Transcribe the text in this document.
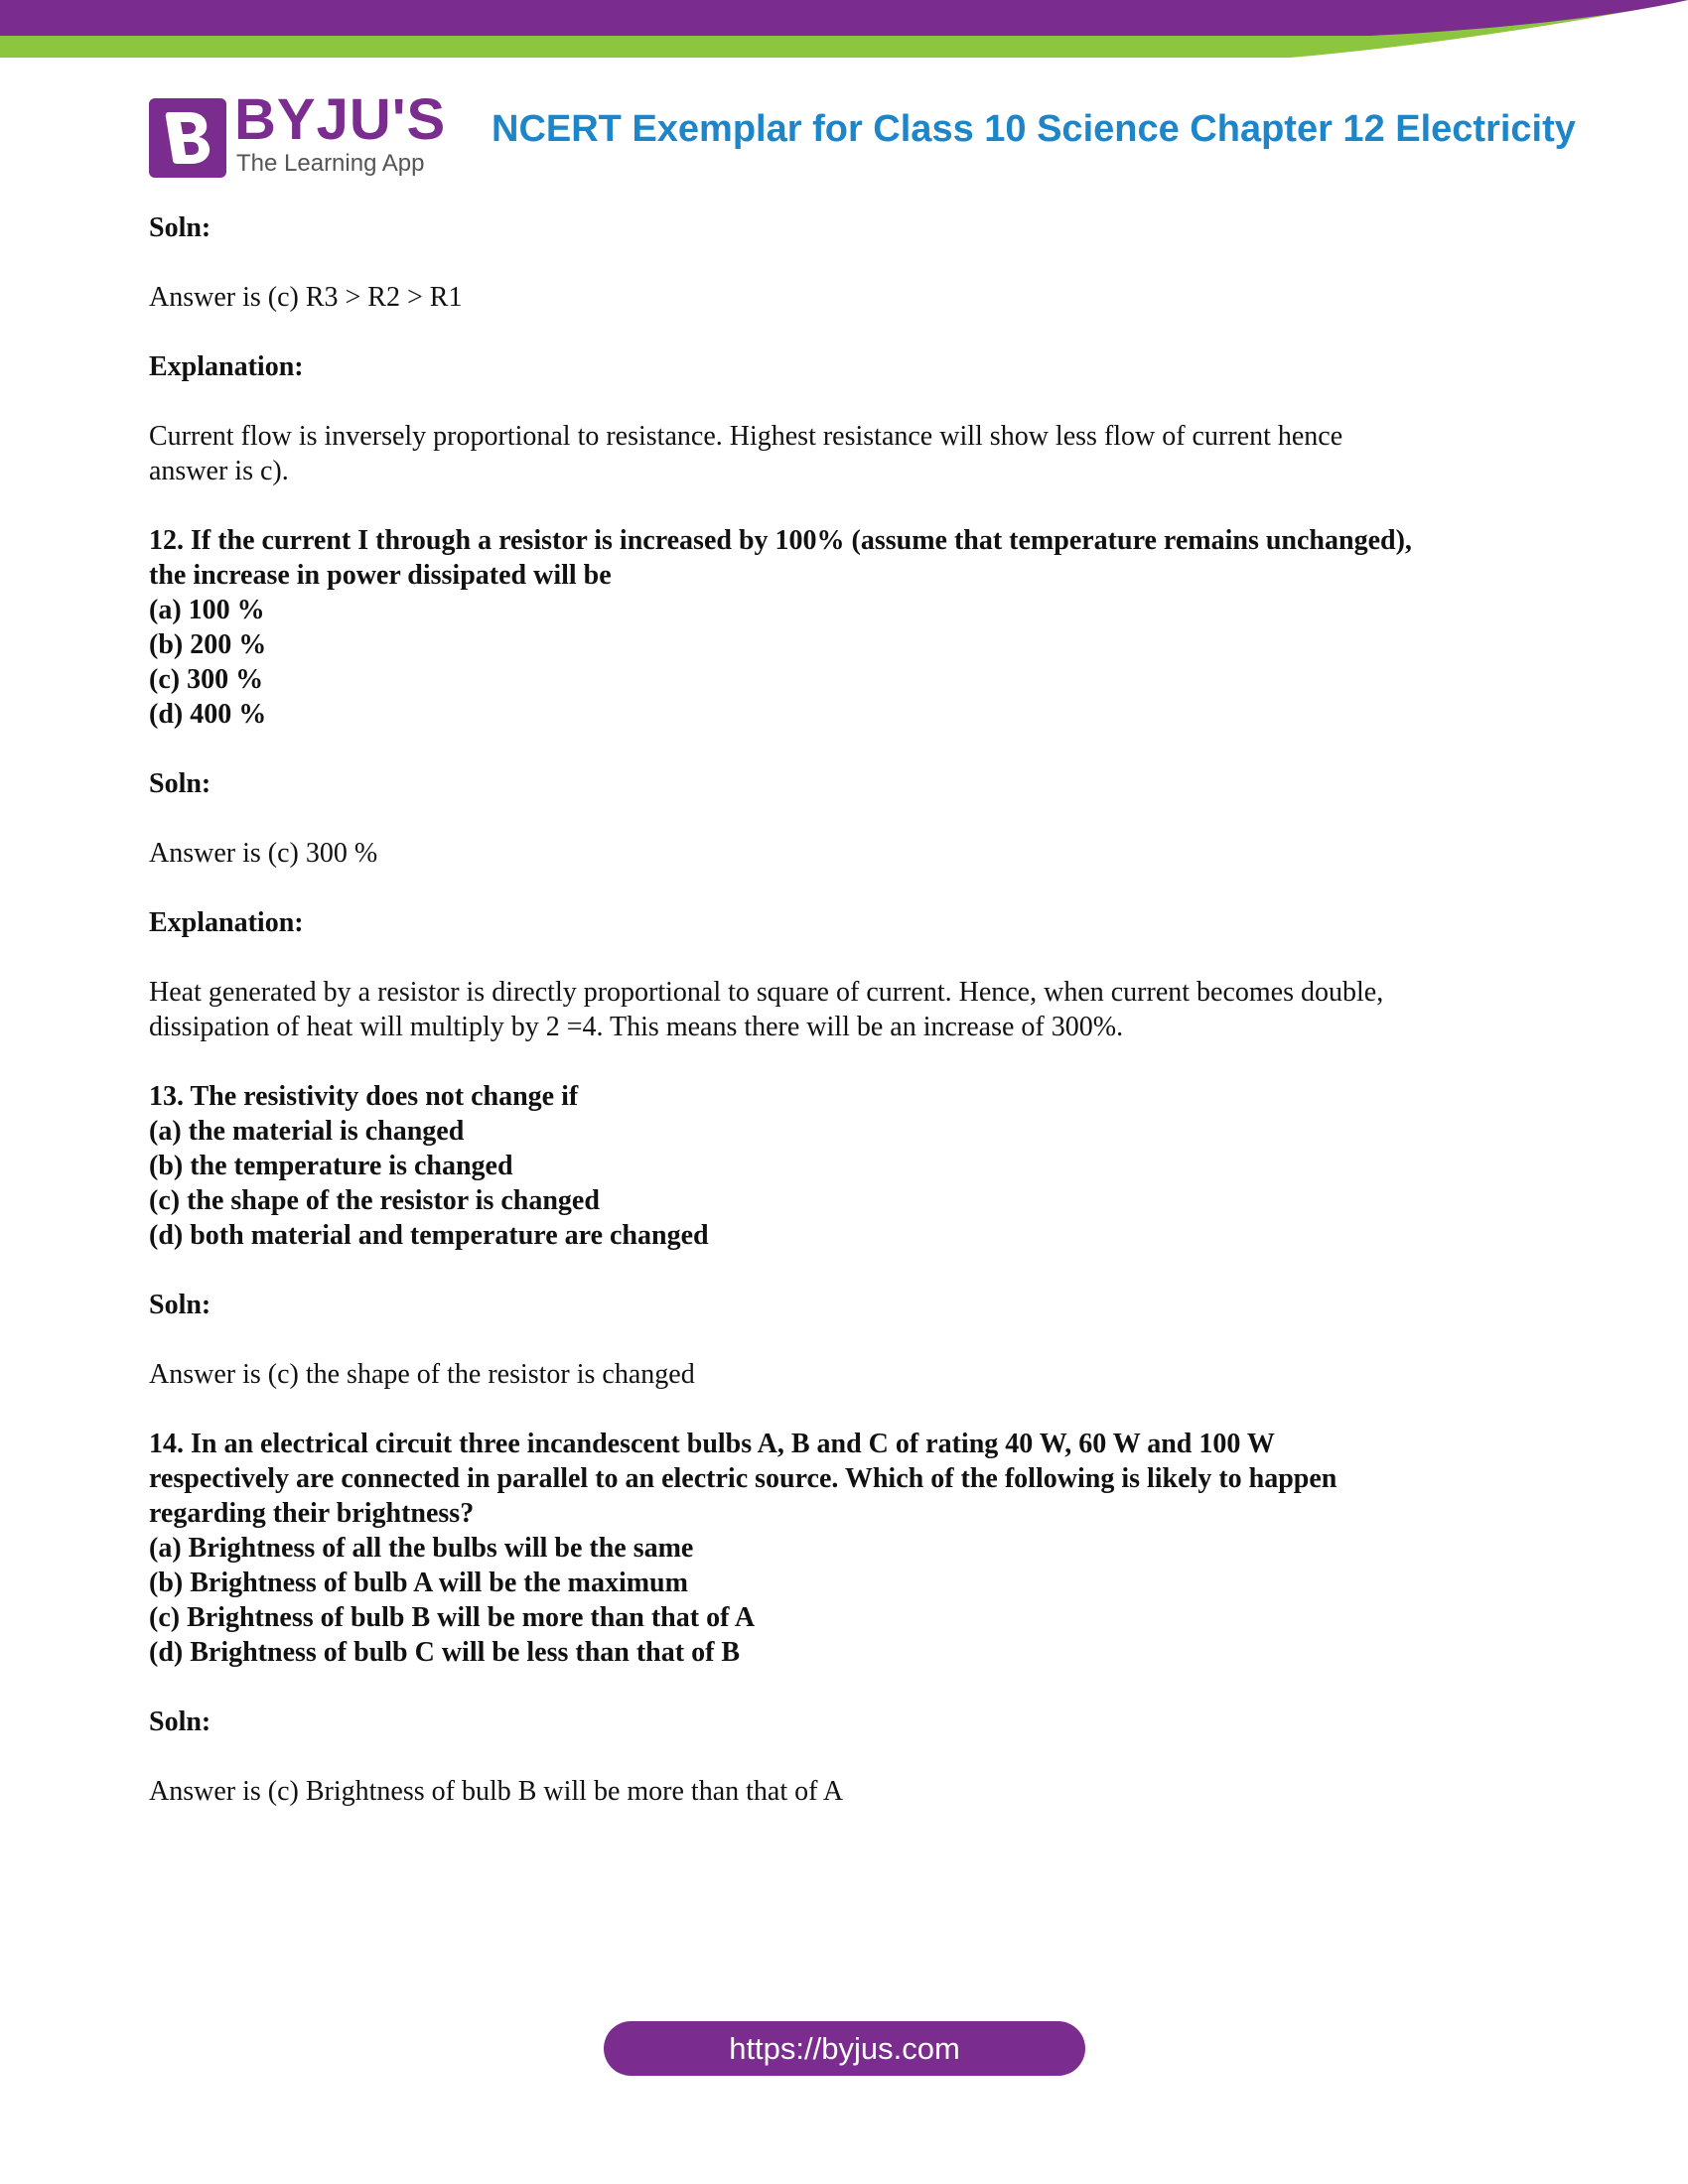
BYJU'S
The Learning App
NCERT Exemplar for Class 10 Science Chapter 12 Electricity

Soln:

Answer is (c) R3 > R2 > R1

Explanation:

Current flow is inversely proportional to resistance. Highest resistance will show less flow of current hence

answer is c).

12. If the current I through a resistor is increased by 100% (assume that temperature remains unchanged),

the increase in power dissipated will be

(a) 100 %

(b) 200 %

(c) 300 %

(d) 400 %

Soln:

Answer is (c) 300 %

Explanation:

Heat generated by a resistor is directly proportional to square of current. Hence, when current becomes double,

dissipation of heat will multiply by 2 =4. This means there will be an increase of 300%.

13. The resistivity does not change if

(a) the material is changed

(b) the temperature is changed

(c) the shape of the resistor is changed

(d) both material and temperature are changed

Soln:

Answer is (c) the shape of the resistor is changed

14. In an electrical circuit three incandescent bulbs A, B and C of rating 40 W, 60 W and 100 W

respectively are connected in parallel to an electric source. Which of the following is likely to happen

regarding their brightness?

(a) Brightness of all the bulbs will be the same

(b) Brightness of bulb A will be the maximum

(c) Brightness of bulb B will be more than that of A

(d) Brightness of bulb C will be less than that of B

Soln:

Answer is (c) Brightness of bulb B will be more than that of A

https://byjus.com
